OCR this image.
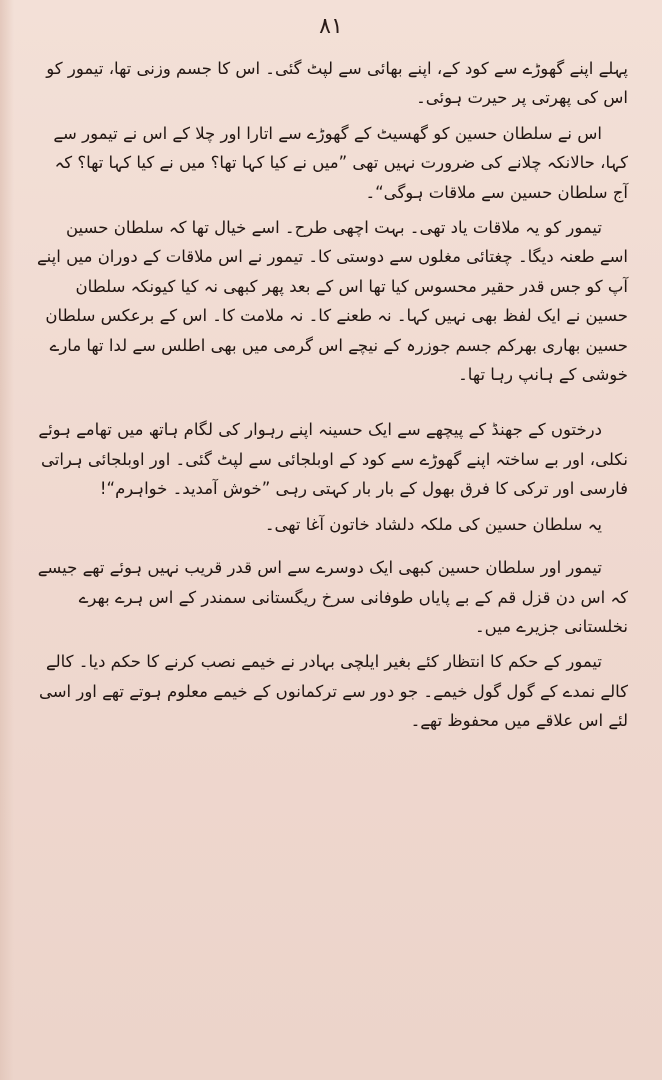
۸۱

پہلے اپنے گھوڑے سے کود کے، اپنے بھائی سے لپٹ گئی۔ اس کا جسم وزنی تھا، تیمور کو اس کی پھرتی پر حیرت ہوئی۔

اس نے سلطان حسین کو گھسیٹ کے گھوڑے سے اتارا اور چلا کے اس نے تیمور سے کہا، حالانکہ چلانے کی ضرورت نہیں تھی ”میں نے کیا کہا تھا؟ میں نے کیا کہا تھا؟ کہ آج سلطان حسین سے ملاقات ہوگی“۔

تیمور کو یہ ملاقات یاد تھی۔ بہت اچھی طرح۔ اسے خیال تھا کہ سلطان حسین اسے طعنہ دیگا۔ چغتائی مغلوں سے دوستی کا۔ تیمور نے اس ملاقات کے دوران میں اپنے آپ کو جس قدر حقیر محسوس کیا تھا اس کے بعد پھر کبھی نہ کیا کیونکہ سلطان حسین نے ایک لفظ بھی نہیں کہا۔ نہ طعنے کا۔ نہ ملامت کا۔ اس کے برعکس سلطان حسین بھاری بھرکم جسم جوزرہ کے نیچے اس گرمی میں بھی اطلس سے لدا تھا مارے خوشی کے ہانپ رہا تھا۔

درختوں کے جھنڈ کے پیچھے سے ایک حسینہ اپنے رہوار کی لگام ہاتھ میں تھامے ہوئے نکلی، اور بے ساختہ اپنے گھوڑے سے کود کے اوبلجائی سے لپٹ گئی۔ اور اوبلجائی ہراتی فارسی اور ترکی کا فرق بھول کے بار بار کہتی رہی ”خوش آمدید۔ خواہرم“!

یہ سلطان حسین کی ملکہ دلشاد خاتون آغا تھی۔

تیمور اور سلطان حسین کبھی ایک دوسرے سے اس قدر قریب نہیں ہوئے تھے جیسے کہ اس دن قزل قم کے بے پایاں طوفانی سرخ ریگستانی سمندر کے اس ہرے بھرے نخلستانی جزیرے میں۔

تیمور کے حکم کا انتظار کئے بغیر ایلچی بہادر نے خیمے نصب کرنے کا حکم دیا۔ کالے کالے نمدے کے گول گول خیمے۔ جو دور سے ترکمانوں کے خیمے معلوم ہوتے تھے اور اسی لئے اس علاقے میں محفوظ تھے۔
